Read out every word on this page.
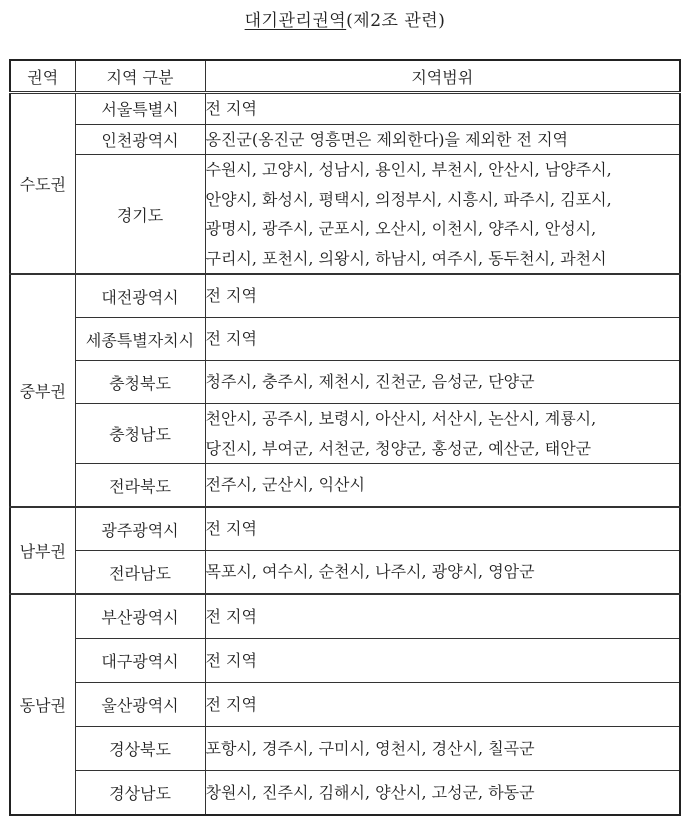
대기관리권역(제2조 관련)
권역	지역 구분	지역범위
수도권	서울특별시	전 지역
	인천광역시	옹진군(옹진군 영흥면은 제외한다)을 제외한 전 지역
	경기도	수원시, 고양시, 성남시, 용인시, 부천시, 안산시, 남양주시,
안양시, 화성시, 평택시, 의정부시, 시흥시, 파주시, 김포시,
광명시, 광주시, 군포시, 오산시, 이천시, 양주시, 안성시,
구리시, 포천시, 의왕시, 하남시, 여주시, 동두천시, 과천시

중부권	대전광역시	전 지역
	세종특별자치시	전 지역
	충청북도	청주시, 충주시, 제천시, 진천군, 음성군, 단양군
	충청남도	천안시, 공주시, 보령시, 아산시, 서산시, 논산시, 계룡시,
당진시, 부여군, 서천군, 청양군, 홍성군, 예산군, 태안군

	전라북도	전주시, 군산시, 익산시
남부권	광주광역시	전 지역
	전라남도	목포시, 여수시, 순천시, 나주시, 광양시, 영암군
동남권	부산광역시	전 지역
	대구광역시	전 지역
	울산광역시	전 지역
	경상북도	포항시, 경주시, 구미시, 영천시, 경산시, 칠곡군
	경상남도	창원시, 진주시, 김해시, 양산시, 고성군, 하동군
